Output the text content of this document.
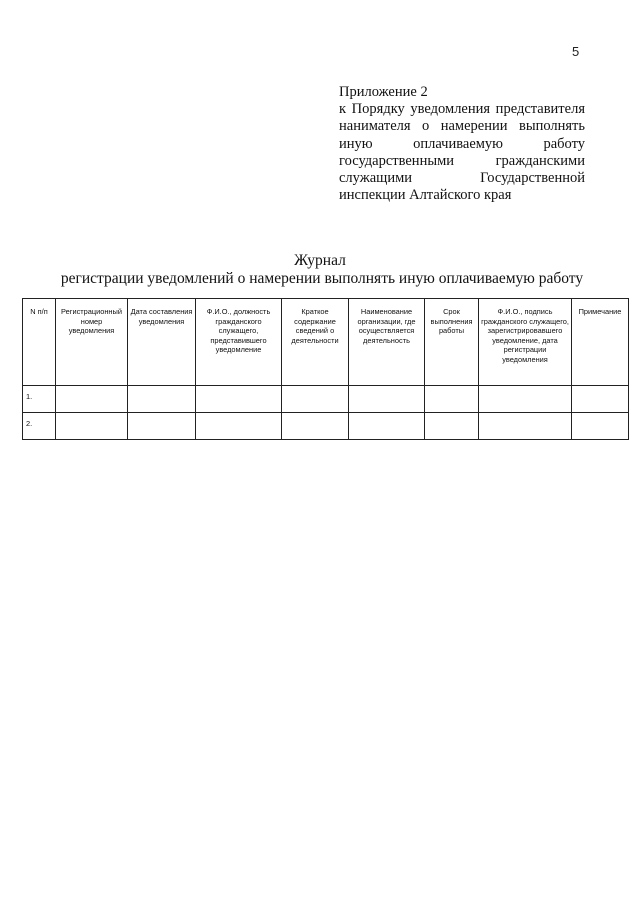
5
Приложение 2
к Порядку уведомления представителя нанимателя о намерении выполнять иную оплачиваемую работу государственными гражданскими служащими Государственной инспекции Алтайского края
Журнал
регистрации уведомлений о намерении выполнять иную оплачиваемую работу
N п/п	Регистрационный номер уведомления	Дата составления уведомления	Ф.И.О., должность гражданского служащего, представившего уведомление	Краткое содержание сведений о деятельности	Наименование организации, где осуществляется деятельность	Срок выполнения работы	Ф.И.О., подпись гражданского служащего, зарегистрировавшего уведомление, дата регистрации уведомления	Примечание
1.								
2.								
